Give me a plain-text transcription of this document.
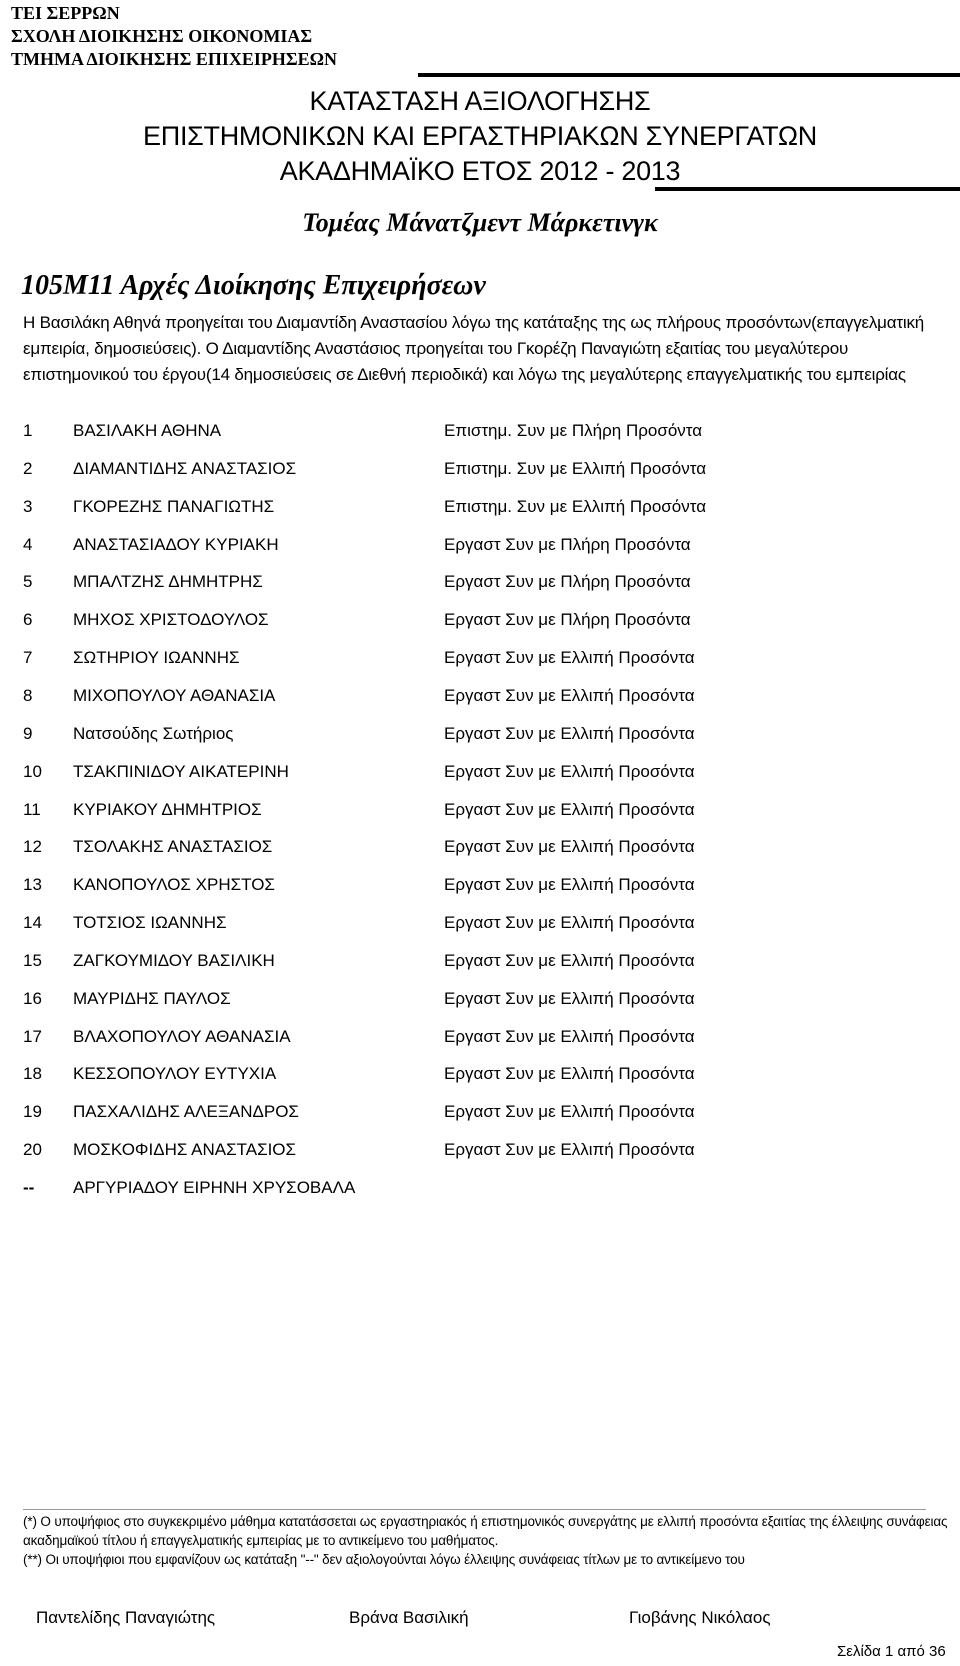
ΤΕΙ ΣΕΡΡΩΝ
ΣΧΟΛΗ ΔΙΟΙΚΗΣΗΣ ΟΙΚΟΝΟΜΙΑΣ
ΤΜΗΜΑ ΔΙΟΙΚΗΣΗΣ ΕΠΙΧΕΙΡΗΣΕΩΝ
ΚΑΤΑΣΤΑΣΗ ΑΞΙΟΛΟΓΗΣΗΣ
ΕΠΙΣΤΗΜΟΝΙΚΩΝ ΚΑΙ ΕΡΓΑΣΤΗΡΙΑΚΩΝ ΣΥΝΕΡΓΑΤΩΝ
ΑΚΑΔΗΜΑΪΚΟ ΕΤΟΣ 2012 - 2013
Τομέας Μάνατζμεντ Μάρκετινγκ
105Μ11 Αρχές Διοίκησης Επιχειρήσεων
Η Βασιλάκη Αθηνά προηγείται του Διαμαντίδη Αναστασίου λόγω της κατάταξης της ως πλήρους προσόντων(επαγγελματική εμπειρία, δημοσιεύσεις). Ο Διαμαντίδης Αναστάσιος προηγείται του Γκορέζη Παναγιώτη εξαιτίας του μεγαλύτερου επιστημονικού του έργου(14 δημοσιεύσεις σε Διεθνή περιοδικά) και λόγω της μεγαλύτερης επαγγελματικής του εμπειρίας
1 ΒΑΣΙΛΑΚΗ ΑΘΗΝΑ	Επιστημ. Συν με Πλήρη Προσόντα
2 ΔΙΑΜΑΝΤΙΔΗΣ ΑΝΑΣΤΑΣΙΟΣ	Επιστημ. Συν με Ελλιπή Προσόντα
3 ΓΚΟΡΕΖΗΣ ΠΑΝΑΓΙΩΤΗΣ	Επιστημ. Συν με Ελλιπή Προσόντα
4 ΑΝΑΣΤΑΣΙΑΔΟΥ ΚΥΡΙΑΚΗ	Εργαστ Συν με Πλήρη Προσόντα
5 ΜΠΑΛΤΖΗΣ ΔΗΜΗΤΡΗΣ	Εργαστ Συν με Πλήρη Προσόντα
6 ΜΗΧΟΣ ΧΡΙΣΤΟΔΟΥΛΟΣ	Εργαστ Συν με Πλήρη Προσόντα
7 ΣΩΤΗΡΙΟΥ ΙΩΑΝΝΗΣ	Εργαστ Συν με Ελλιπή Προσόντα
8 ΜΙΧΟΠΟΥΛΟΥ ΑΘΑΝΑΣΙΑ	Εργαστ Συν με Ελλιπή Προσόντα
9 Νατσούδης Σωτήριος	Εργαστ Συν με Ελλιπή Προσόντα
10 ΤΣΑΚΠΙΝΙΔΟΥ ΑΙΚΑΤΕΡΙΝΗ	Εργαστ Συν με Ελλιπή Προσόντα
11 ΚΥΡΙΑΚΟΥ ΔΗΜΗΤΡΙΟΣ	Εργαστ Συν με Ελλιπή Προσόντα
12 ΤΣΟΛΑΚΗΣ ΑΝΑΣΤΑΣΙΟΣ	Εργαστ Συν με Ελλιπή Προσόντα
13 ΚΑΝΟΠΟΥΛΟΣ ΧΡΗΣΤΟΣ	Εργαστ Συν με Ελλιπή Προσόντα
14 ΤΟΤΣΙΟΣ ΙΩΑΝΝΗΣ	Εργαστ Συν με Ελλιπή Προσόντα
15 ΖΑΓΚΟΥΜΙΔΟΥ ΒΑΣΙΛΙΚΗ	Εργαστ Συν με Ελλιπή Προσόντα
16 ΜΑΥΡΙΔΗΣ ΠΑΥΛΟΣ	Εργαστ Συν με Ελλιπή Προσόντα
17 ΒΛΑΧΟΠΟΥΛΟΥ ΑΘΑΝΑΣΙΑ	Εργαστ Συν με Ελλιπή Προσόντα
18 ΚΕΣΣΟΠΟΥΛΟΥ ΕΥΤΥΧΙΑ	Εργαστ Συν με Ελλιπή Προσόντα
19 ΠΑΣΧΑΛΙΔΗΣ ΑΛΕΞΑΝΔΡΟΣ	Εργαστ Συν με Ελλιπή Προσόντα
20 ΜΟΣΚΟΦΙΔΗΣ ΑΝΑΣΤΑΣΙΟΣ	Εργαστ Συν με Ελλιπή Προσόντα
-- ΑΡΓΥΡΙΑΔΟΥ ΕΙΡΗΝΗ ΧΡΥΣΟΒΑΛΑ
(*) Ο υποψήφιος στο συγκεκριμένο μάθημα κατατάσσεται ως εργαστηριακός ή επιστημονικός συνεργάτης με ελλιπή προσόντα εξαιτίας της έλλειψης συνάφειας ακαδημαϊκού τίτλου ή επαγγελματικής εμπειρίας με το αντικείμενο του μαθήματος.
(**) Οι υποψήφιοι που εμφανίζουν ως κατάταξη "--" δεν αξιολογούνται λόγω έλλειψης συνάφειας τίτλων με το αντικείμενο του
Παντελίδης Παναγιώτης	Βράνα Βασιλική	Γιοβάνης Νικόλαος
Σελίδα 1 από 36
